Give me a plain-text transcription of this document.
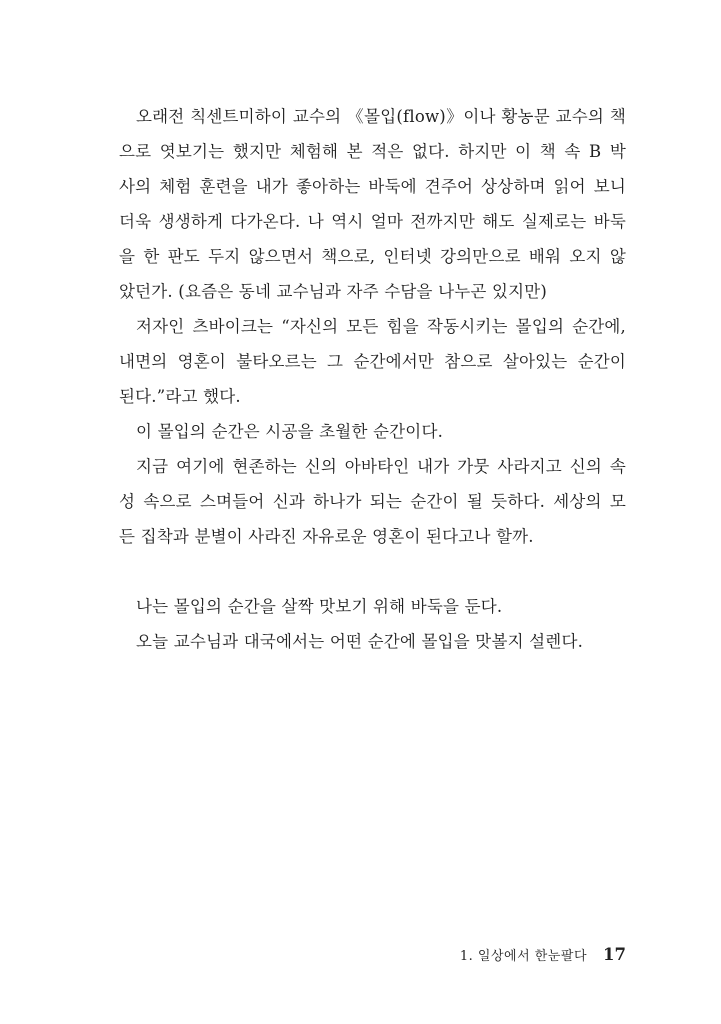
오래전 칙센트미하이 교수의 《몰입(flow)》이나 황농문 교수의 책
으로 엿보기는 했지만 체험해 본 적은 없다. 하지만 이 책 속 B 박
사의 체험 훈련을 내가 좋아하는 바둑에 견주어 상상하며 읽어 보니
더욱 생생하게 다가온다. 나 역시 얼마 전까지만 해도 실제로는 바둑
을 한 판도 두지 않으면서 책으로, 인터넷 강의만으로 배워 오지 않
았던가. (요즘은 동네 교수님과 자주 수담을 나누곤 있지만)
저자인 츠바이크는 “자신의 모든 힘을 작동시키는 몰입의 순간에,
내면의 영혼이 불타오르는 그 순간에서만 참으로 살아있는 순간이
된다.”라고 했다.
이 몰입의 순간은 시공을 초월한 순간이다.
지금 여기에 현존하는 신의 아바타인 내가 가뭇 사라지고 신의 속
성 속으로 스며들어 신과 하나가 되는 순간이 될 듯하다. 세상의 모
든 집착과 분별이 사라진 자유로운 영혼이 된다고나 할까.
나는 몰입의 순간을 살짝 맛보기 위해 바둑을 둔다.
오늘 교수님과 대국에서는 어떤 순간에 몰입을 맛볼지 설렌다.
1. 일상에서 한눈팔다 17
